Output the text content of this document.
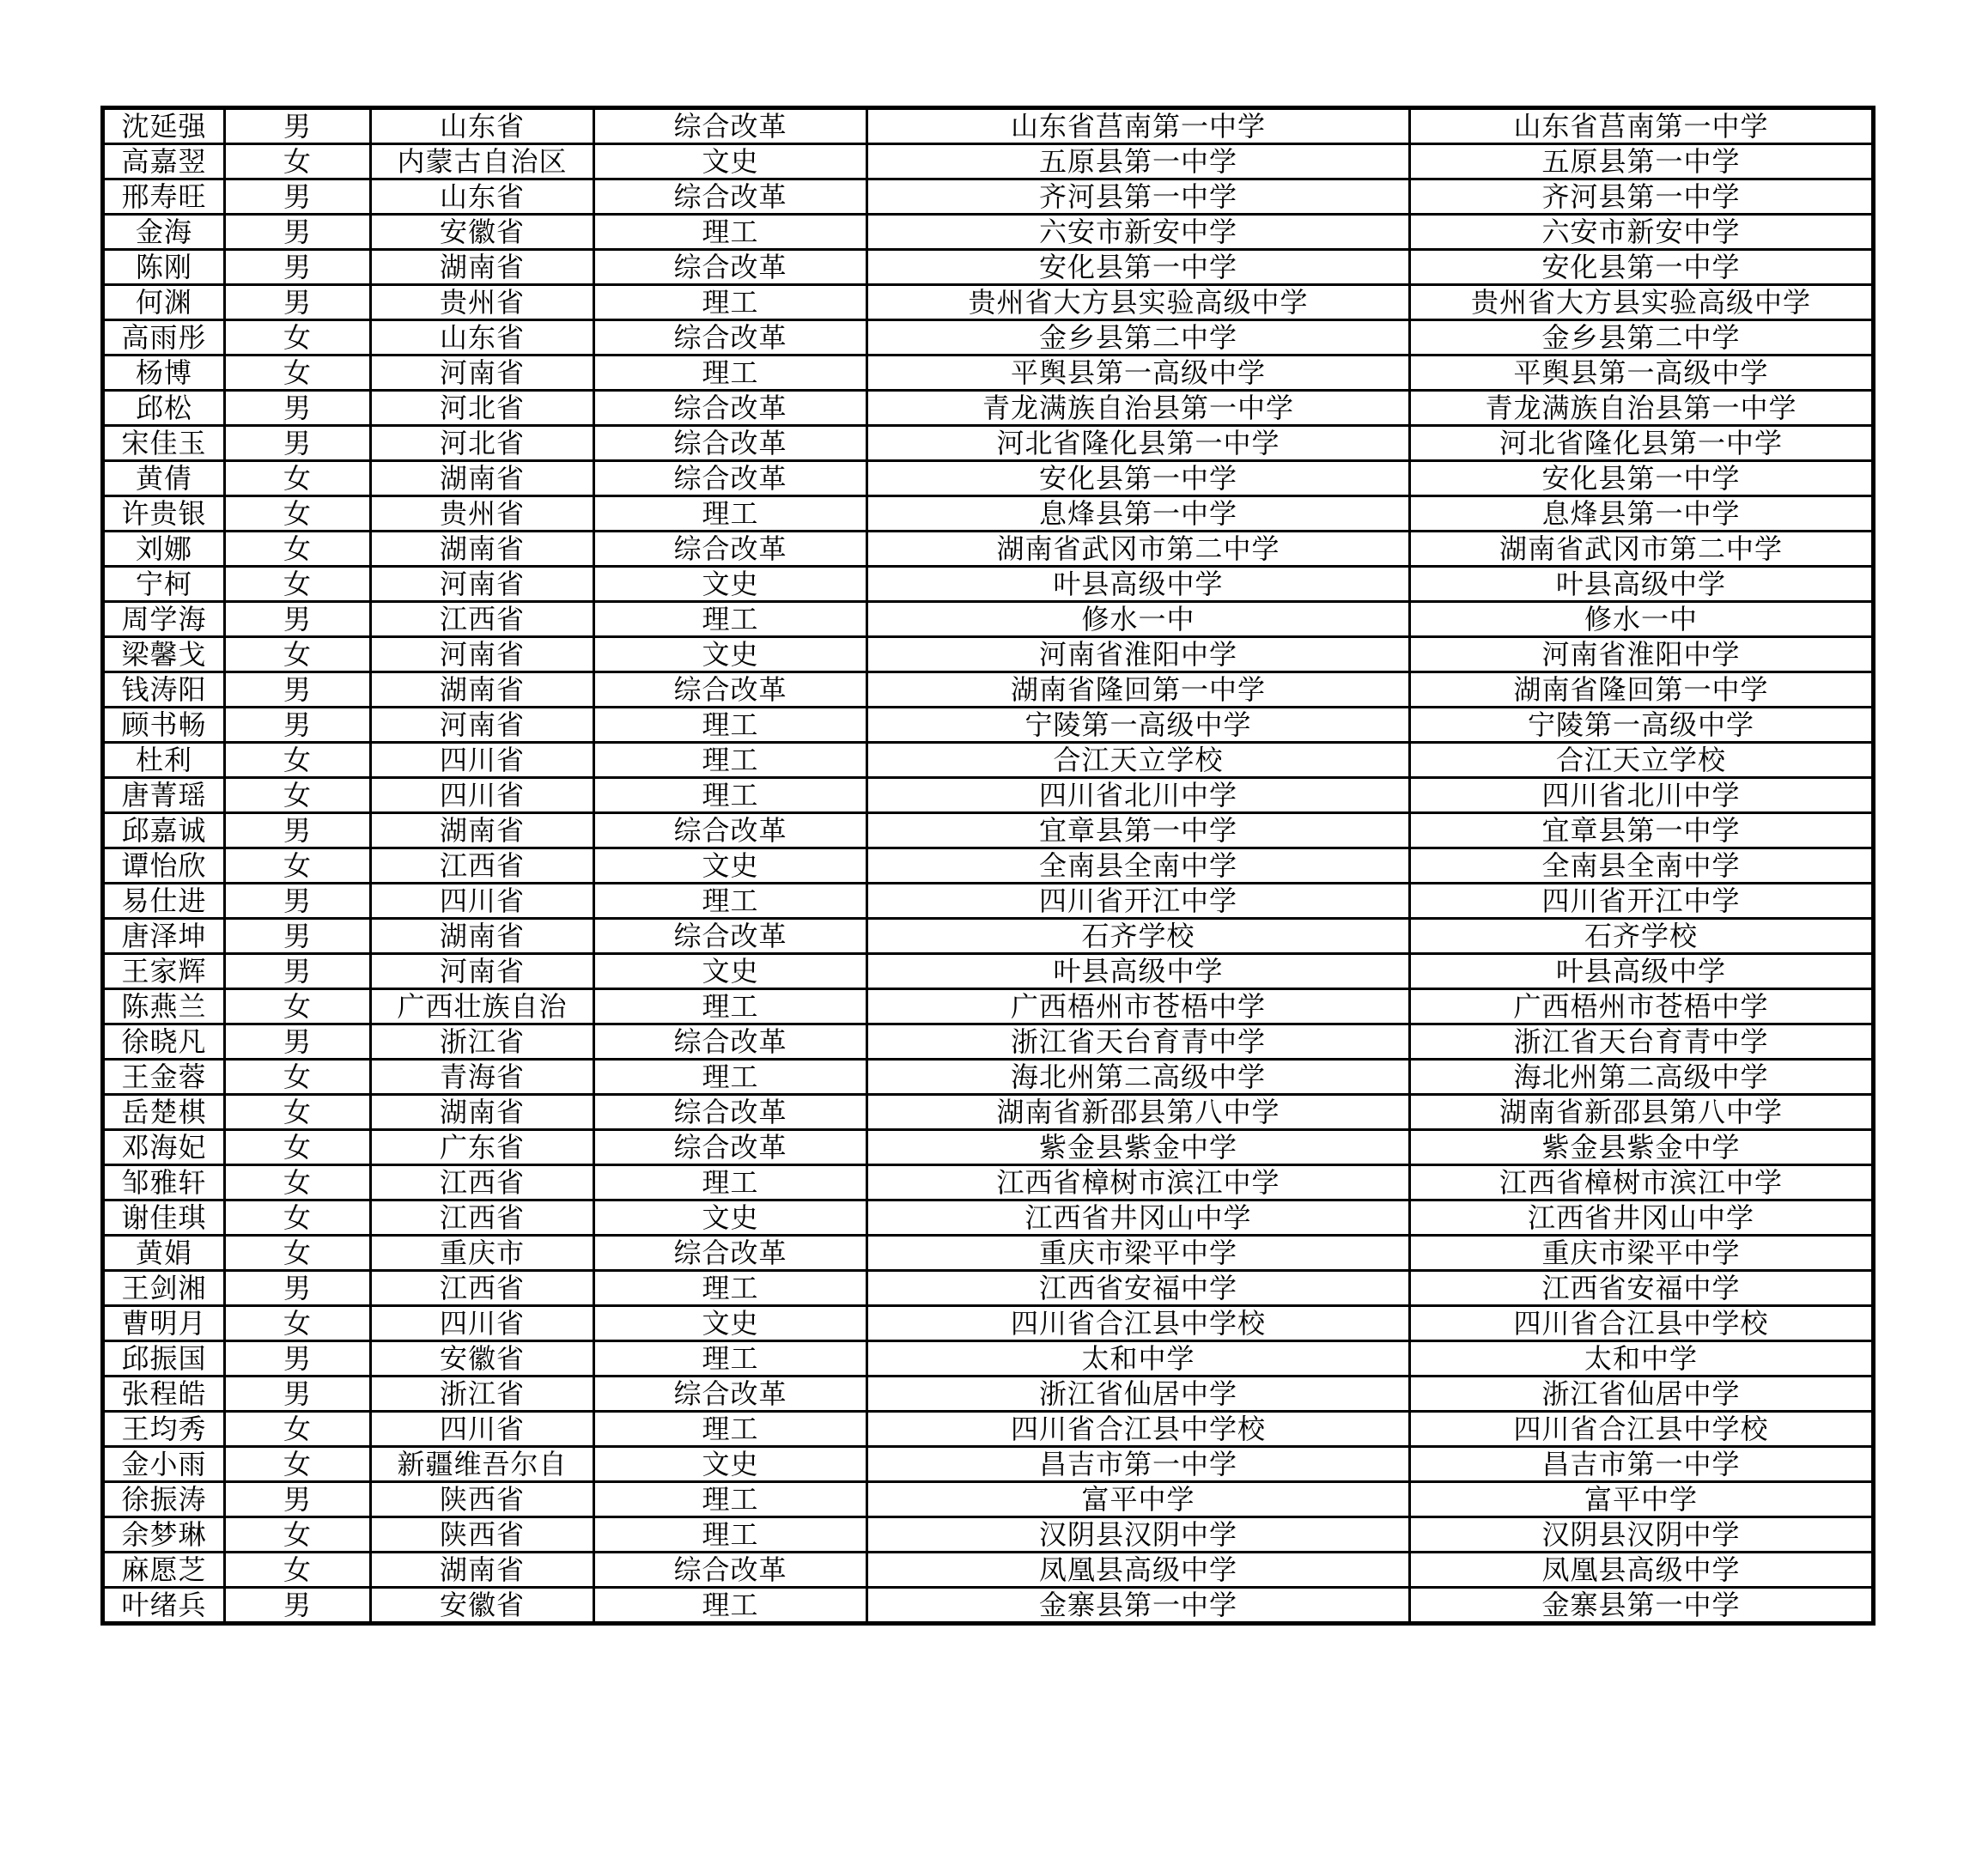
沈延强	男	山东省	综合改革	山东省莒南第一中学	山东省莒南第一中学
高嘉翌	女	内蒙古自治区	文史	五原县第一中学	五原县第一中学
邢寿旺	男	山东省	综合改革	齐河县第一中学	齐河县第一中学
金海	男	安徽省	理工	六安市新安中学	六安市新安中学
陈刚	男	湖南省	综合改革	安化县第一中学	安化县第一中学
何渊	男	贵州省	理工	贵州省大方县实验高级中学	贵州省大方县实验高级中学
高雨彤	女	山东省	综合改革	金乡县第二中学	金乡县第二中学
杨博	女	河南省	理工	平舆县第一高级中学	平舆县第一高级中学
邱松	男	河北省	综合改革	青龙满族自治县第一中学	青龙满族自治县第一中学
宋佳玉	男	河北省	综合改革	河北省隆化县第一中学	河北省隆化县第一中学
黄倩	女	湖南省	综合改革	安化县第一中学	安化县第一中学
许贵银	女	贵州省	理工	息烽县第一中学	息烽县第一中学
刘娜	女	湖南省	综合改革	湖南省武冈市第二中学	湖南省武冈市第二中学
宁柯	女	河南省	文史	叶县高级中学	叶县高级中学
周学海	男	江西省	理工	修水一中	修水一中
梁馨戈	女	河南省	文史	河南省淮阳中学	河南省淮阳中学
钱涛阳	男	湖南省	综合改革	湖南省隆回第一中学	湖南省隆回第一中学
顾书畅	男	河南省	理工	宁陵第一高级中学	宁陵第一高级中学
杜利	女	四川省	理工	合江天立学校	合江天立学校
唐菁瑶	女	四川省	理工	四川省北川中学	四川省北川中学
邱嘉诚	男	湖南省	综合改革	宜章县第一中学	宜章县第一中学
谭怡欣	女	江西省	文史	全南县全南中学	全南县全南中学
易仕进	男	四川省	理工	四川省开江中学	四川省开江中学
唐泽坤	男	湖南省	综合改革	石齐学校	石齐学校
王家辉	男	河南省	文史	叶县高级中学	叶县高级中学
陈燕兰	女	广西壮族自治	理工	广西梧州市苍梧中学	广西梧州市苍梧中学
徐晓凡	男	浙江省	综合改革	浙江省天台育青中学	浙江省天台育青中学
王金蓉	女	青海省	理工	海北州第二高级中学	海北州第二高级中学
岳楚棋	女	湖南省	综合改革	湖南省新邵县第八中学	湖南省新邵县第八中学
邓海妃	女	广东省	综合改革	紫金县紫金中学	紫金县紫金中学
邹雅轩	女	江西省	理工	江西省樟树市滨江中学	江西省樟树市滨江中学
谢佳琪	女	江西省	文史	江西省井冈山中学	江西省井冈山中学
黄娟	女	重庆市	综合改革	重庆市梁平中学	重庆市梁平中学
王剑湘	男	江西省	理工	江西省安福中学	江西省安福中学
曹明月	女	四川省	文史	四川省合江县中学校	四川省合江县中学校
邱振国	男	安徽省	理工	太和中学	太和中学
张程皓	男	浙江省	综合改革	浙江省仙居中学	浙江省仙居中学
王均秀	女	四川省	理工	四川省合江县中学校	四川省合江县中学校
金小雨	女	新疆维吾尔自	文史	昌吉市第一中学	昌吉市第一中学
徐振涛	男	陕西省	理工	富平中学	富平中学
余梦琳	女	陕西省	理工	汉阴县汉阴中学	汉阴县汉阴中学
麻愿芝	女	湖南省	综合改革	凤凰县高级中学	凤凰县高级中学
叶绪兵	男	安徽省	理工	金寨县第一中学	金寨县第一中学
